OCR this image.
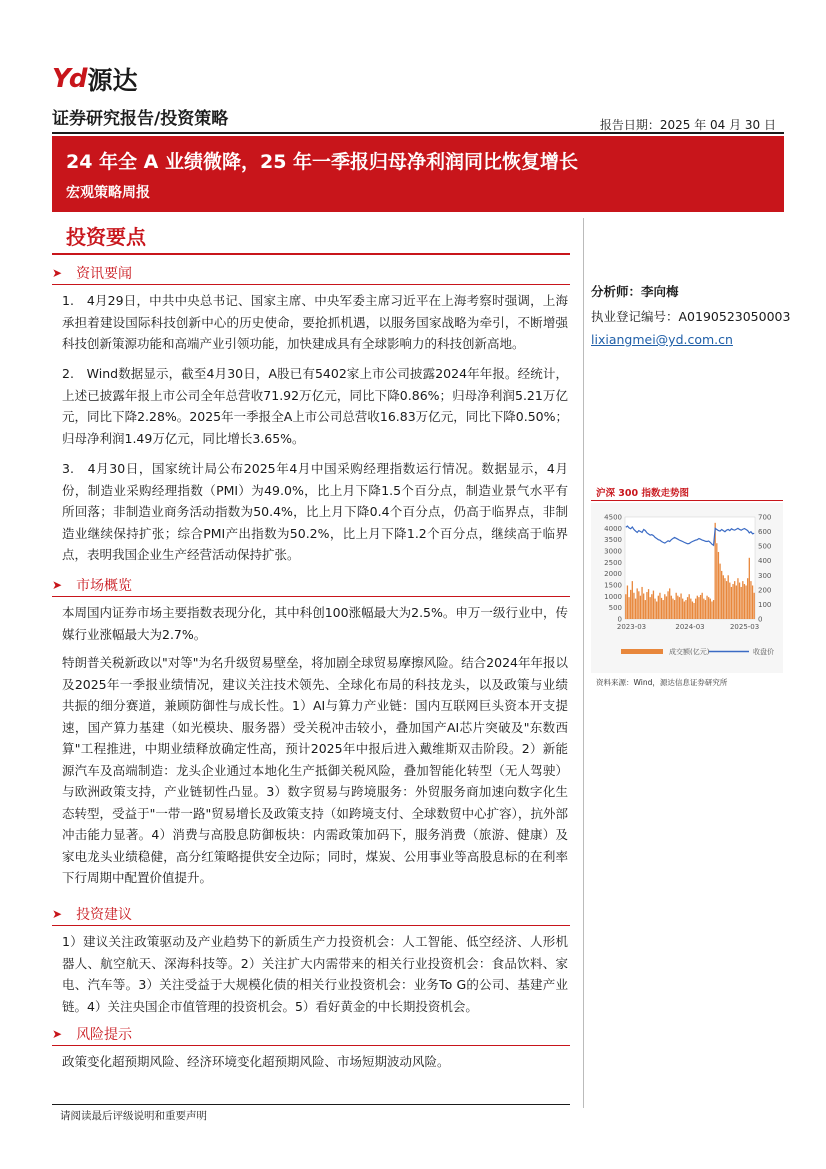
Yd 源达
证券研究报告/投资策略	报告日期：2025 年 04 月 30 日
24 年全 A 业绩微降，25 年一季报归母净利润同比恢复增长
宏观策略周报
投资要点
➤ 资讯要闻

1.　4月29日，中共中央总书记、国家主席、中央军委主席习近平在上海考察时强调，上海承担着建设国际科技创新中心的历史使命，要抢抓机遇，以服务国家战略为牵引，不断增强科技创新策源功能和高端产业引领功能，加快建成具有全球影响力的科技创新高地。

2.　Wind数据显示，截至4月30日，A股已有5402家上市公司披露2024年年报。经统计，上述已披露年报上市公司全年总营收71.92万亿元，同比下降0.86%；归母净利润5.21万亿元，同比下降2.28%。2025年一季报全A上市公司总营收16.83万亿元，同比下降0.50%；归母净利润1.49万亿元，同比增长3.65%。

3.　4月30日，国家统计局公布2025年4月中国采购经理指数运行情况。数据显示，4月份，制造业采购经理指数（PMI）为49.0%，比上月下降1.5个百分点，制造业景气水平有所回落；非制造业商务活动指数为50.4%，比上月下降0.4个百分点，仍高于临界点，非制造业继续保持扩张；综合PMI产出指数为50.2%，比上月下降1.2个百分点，继续高于临界点，表明我国企业生产经营活动保持扩张。

➤ 市场概览

本周国内证券市场主要指数表现分化，其中科创100涨幅最大为2.5%。申万一级行业中，传媒行业涨幅最大为2.7%。

特朗普关税新政以"对等"为名升级贸易壁垒，将加剧全球贸易摩擦风险。结合2024年年报以及2025年一季报业绩情况，建议关注技术领先、全球化布局的科技龙头，以及政策与业绩共振的细分赛道，兼顾防御性与成长性。1）AI与算力产业链：国内互联网巨头资本开支提速，国产算力基建（如光模块、服务器）受关税冲击较小，叠加国产AI芯片突破及"东数西算"工程推进，中期业绩释放确定性高，预计2025年中报后进入戴维斯双击阶段。2）新能源汽车及高端制造：龙头企业通过本地化生产抵御关税风险，叠加智能化转型（无人驾驶）与欧洲政策支持，产业链韧性凸显。3）数字贸易与跨境服务：外贸服务商加速向数字化生态转型，受益于"一带一路"贸易增长及政策支持（如跨境支付、全球数贸中心扩容），抗外部冲击能力显著。4）消费与高股息防御板块：内需政策加码下，服务消费（旅游、健康）及家电龙头业绩稳健，高分红策略提供安全边际；同时，煤炭、公用事业等高股息标的在利率下行周期中配置价值提升。

➤ 投资建议

1）建议关注政策驱动及产业趋势下的新质生产力投资机会：人工智能、低空经济、人形机器人、航空航天、深海科技等。2）关注扩大内需带来的相关行业投资机会：食品饮料、家电、汽车等。3）关注受益于大规模化债的相关行业投资机会：业务To G的公司、基建产业链。4）关注央国企市值管理的投资机会。5）看好黄金的中长期投资机会。

➤ 风险提示

政策变化超预期风险、经济环境变化超预期风险、市场短期波动风险。

分析师：李向梅
执业登记编号：A0190523050003
lixiangmei@yd.com.cn
沪深 300 指数走势图
0
500
1000
1500
2000
2500
3000
3500
4000
4500
0
100
200
300
400
500
600
700
2023-03	2024-03	2025-03
成交额(亿元)	收盘价
资料来源：Wind，源达信息证券研究所
请阅读最后评级说明和重要声明
